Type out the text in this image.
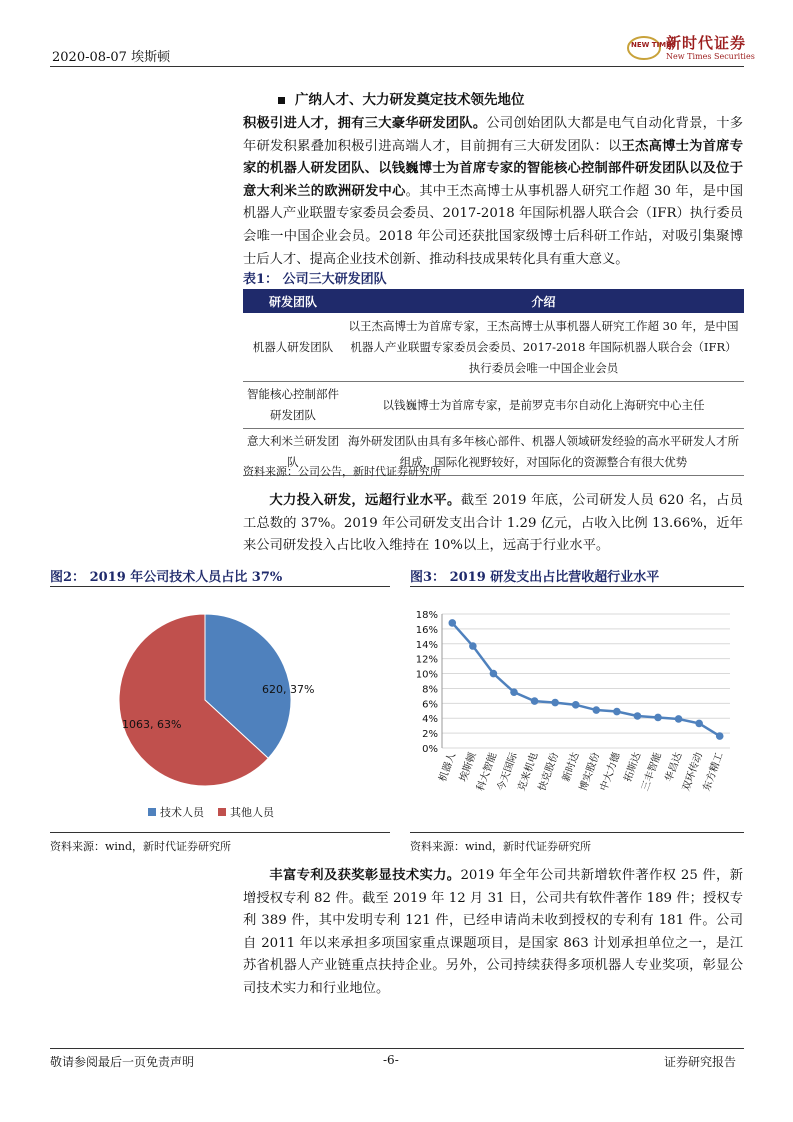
2020-08-07 埃斯顿
NEW TIMES
新时代证券
New Times Securities
广纳人才、大力研发奠定技术领先地位
积极引进人才，拥有三大豪华研发团队。公司创始团队大都是电气自动化背景，十多年研发积累叠加积极引进高端人才，目前拥有三大研发团队：以王杰高博士为首席专家的机器人研发团队、以钱巍博士为首席专家的智能核心控制部件研发团队以及位于意大利米兰的欧洲研发中心。其中王杰高博士从事机器人研究工作超 30 年，是中国机器人产业联盟专家委员会委员、2017-2018 年国际机器人联合会（IFR）执行委员会唯一中国企业会员。2018 年公司还获批国家级博士后科研工作站，对吸引集聚博士后人才、提高企业技术创新、推动科技成果转化具有重大意义。
表1： 公司三大研发团队
研发团队	介绍
机器人研发团队	以王杰高博士为首席专家，王杰高博士从事机器人研究工作超 30 年，是中国机器人产业联盟专家委员会委员、2017-2018 年国际机器人联合会（IFR）执行委员会唯一中国企业会员
智能核心控制部件研发团队	以钱巍博士为首席专家，是前罗克韦尔自动化上海研究中心主任
意大利米兰研发团队	海外研发团队由具有多年核心部件、机器人领域研发经验的高水平研发人才所组成，国际化视野较好，对国际化的资源整合有很大优势
资料来源：公司公告，新时代证券研究所
大力投入研发，远超行业水平。截至 2019 年底，公司研发人员 620 名，占员工总数的 37%。2019 年公司研发支出合计 1.29 亿元，占收入比例 13.66%，近年来公司研发投入占比收入维持在 10%以上，远高于行业水平。
图2： 2019 年公司技术人员占比 37%	图3： 2019 研发支出占比营收超行业水平
620, 37%
1063, 63%
技术人员 其他人员
资料来源：wind，新时代证券研究所
0%
2%
4%
6%
8%
10%
12%
14%
16%
18%
机器人 埃斯顿
科大智能
今天国际
克来机电
快克股份 新时达
博实股份
中大力德 拓斯达
三丰智能 华昌达
双环传动
东方精工
资料来源：wind，新时代证券研究所
丰富专利及获奖彰显技术实力。2019 年全年公司共新增软件著作权 25 件，新增授权专利 82 件。截至 2019 年 12 月 31 日，公司共有软件著作 189 件；授权专利 389 件，其中发明专利 121 件，已经申请尚未收到授权的专利有 181 件。公司自 2011 年以来承担多项国家重点课题项目，是国家 863 计划承担单位之一，是江苏省机器人产业链重点扶持企业。另外，公司持续获得多项机器人专业奖项，彰显公司技术实力和行业地位。
敬请参阅最后一页免责声明	-6-	证券研究报告
